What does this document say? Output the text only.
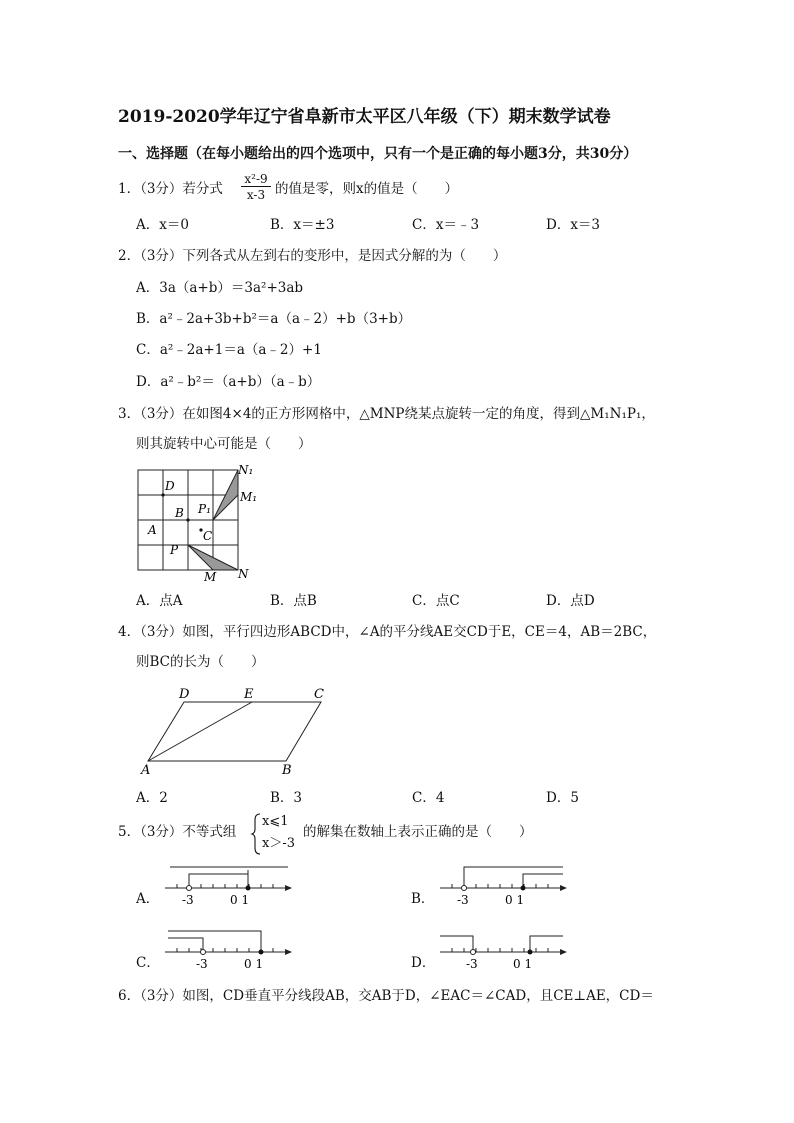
2019-2020学年辽宁省阜新市太平区八年级（下）期末数学试卷
一、选择题（在每小题给出的四个选项中，只有一个是正确的每小题3分，共30分）
1．（3分）若分式 $\frac{\text{x²-9}}{x-3}$ 的值是零，则x的值是（　　）
A．x＝0	B．x＝±3	C．x＝﹣3	D．x＝3
2．（3分）下列各式从左到右的变形中，是因式分解的为（　　）
A．3a（a+b）＝3a²+3ab
B．a²﹣2a+3b+b²＝a（a﹣2）+b（3+b）
C．a²﹣2a+1＝a（a﹣2）+1
D．a²﹣b²＝（a+b）（a﹣b）
3．（3分）在如图4×4的正方形网格中，△MNP绕某点旋转一定的角度，得到△M₁N₁P₁，
则其旋转中心可能是（　　）
N₁
M₁
D
B P₁
A	C
P
M N
A．点A	B．点B	C．点C	D．点D
4．（3分）如图，平行四边形ABCD中，∠A的平分线AE交CD于E，CE＝4，AB＝2BC，
则BC的长为（　　）
D	E	C
A	B
A．2	B．3	C．4	D．5
5．（3分）不等式组
x⩽1
x＞-3
的解集在数轴上表示正确的是（　　）
A． -3	0 1	B． -3	0 1
C．	-3	0 1	D．	-3	0 1
6．（3分）如图，CD垂直平分线段AB，交AB于D，∠EAC＝∠CAD，且CE⊥AE，CD＝
